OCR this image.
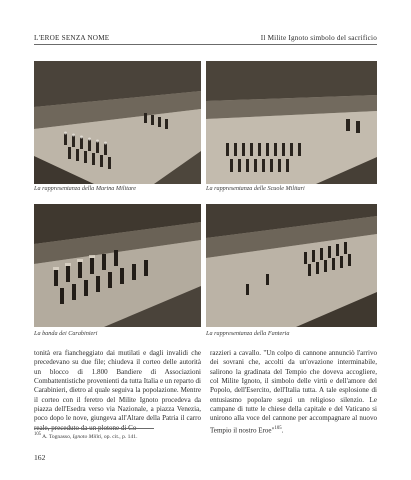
L'EROE SENZA NOME	Il Milite Ignoto simbolo del sacrificio
La rappresentanza della Marina Militare	La rappresentanza delle Scuole Militari
La banda dei Carabinieri	La rappresentanza della Fanteria

tonità era fiancheggiato dai mutilati e dagli invalidi che precedevano su due file; chiudeva il corteo delle autorità un blocco di 1.800 Bandiere di Associazioni Combattentistiche provenienti da tutta Italia e un reparto di Carabinieri, dietro al quale seguiva la popolazione. Mentre il corteo con il feretro del Milite Ignoto procedeva da piazza dell'Esedra verso via Nazionale, a piazza Venezia, poco dopo le nove, giungeva all'Altare della Patria il carro reale, preceduto da un plotone di Co-

razzieri a cavallo. "Un colpo di cannone annunciò l'arrivo dei sovrani che, accolti da un'ovazione interminabile, salirono la gradinata del Tempio che doveva accogliere, col Milite Ignoto, il simbolo delle virtù e dell'amore del Popolo, dell'Esercito, dell'Italia tutta. A tale esplosione di entusiasmo popolare seguì un religioso silenzio. Le campane di tutte le chiese della capitale e del Vaticano si unirono alla voce del cannone per accompagnare al nuovo Tempio il nostro Eroe"$^{105}$.

$^{105}$ A. Tognasso, Ignoto Militi, op. cit., p. 141.
162
